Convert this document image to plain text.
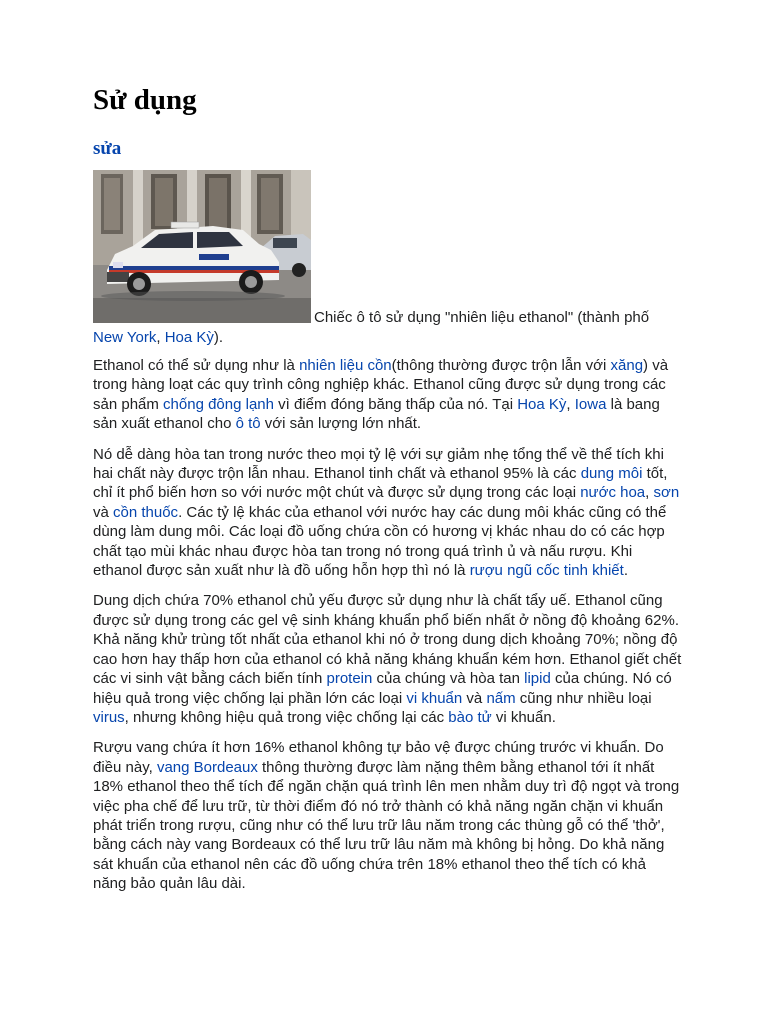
Sử dụng
sửa
Chiếc ô tô sử dụng "nhiên liệu ethanol" (thành phố New York, Hoa Kỳ).

Ethanol có thể sử dụng như là nhiên liệu cồn(thông thường được trộn lẫn với xăng) và trong hàng loạt các quy trình công nghiệp khác. Ethanol cũng được sử dụng trong các sản phẩm chống đông lạnh vì điểm đóng băng thấp của nó. Tại Hoa Kỳ, Iowa là bang sản xuất ethanol cho ô tô với sản lượng lớn nhất.

Nó dễ dàng hòa tan trong nước theo mọi tỷ lệ với sự giảm nhẹ tổng thể về thể tích khi hai chất này được trộn lẫn nhau. Ethanol tinh chất và ethanol 95% là các dung môi tốt, chỉ ít phổ biến hơn so với nước một chút và được sử dụng trong các loại nước hoa, sơn và cồn thuốc. Các tỷ lệ khác của ethanol với nước hay các dung môi khác cũng có thể dùng làm dung môi. Các loại đồ uống chứa cồn có hương vị khác nhau do có các hợp chất tạo mùi khác nhau được hòa tan trong nó trong quá trình ủ và nấu rượu. Khi ethanol được sản xuất như là đồ uống hỗn hợp thì nó là rượu ngũ cốc tinh khiết.

Dung dịch chứa 70% ethanol chủ yếu được sử dụng như là chất tẩy uế. Ethanol cũng được sử dụng trong các gel vệ sinh kháng khuẩn phổ biến nhất ở nồng độ khoảng 62%. Khả năng khử trùng tốt nhất của ethanol khi nó ở trong dung dịch khoảng 70%; nồng độ cao hơn hay thấp hơn của ethanol có khả năng kháng khuẩn kém hơn. Ethanol giết chết các vi sinh vật bằng cách biến tính protein của chúng và hòa tan lipid của chúng. Nó có hiệu quả trong việc chống lại phần lớn các loại vi khuẩn và nấm cũng như nhiều loại virus, nhưng không hiệu quả trong việc chống lại các bào tử vi khuẩn.

Rượu vang chứa ít hơn 16% ethanol không tự bảo vệ được chúng trước vi khuẩn. Do điều này, vang Bordeaux thông thường được làm nặng thêm bằng ethanol tới ít nhất 18% ethanol theo thể tích để ngăn chặn quá trình lên men nhằm duy trì độ ngọt và trong việc pha chế để lưu trữ, từ thời điểm đó nó trở thành có khả năng ngăn chặn vi khuẩn phát triển trong rượu, cũng như có thể lưu trữ lâu năm trong các thùng gỗ có thể 'thở', bằng cách này vang Bordeaux có thể lưu trữ lâu năm mà không bị hỏng. Do khả năng sát khuẩn của ethanol nên các đồ uống chứa trên 18% ethanol theo thể tích có khả năng bảo quản lâu dài.
